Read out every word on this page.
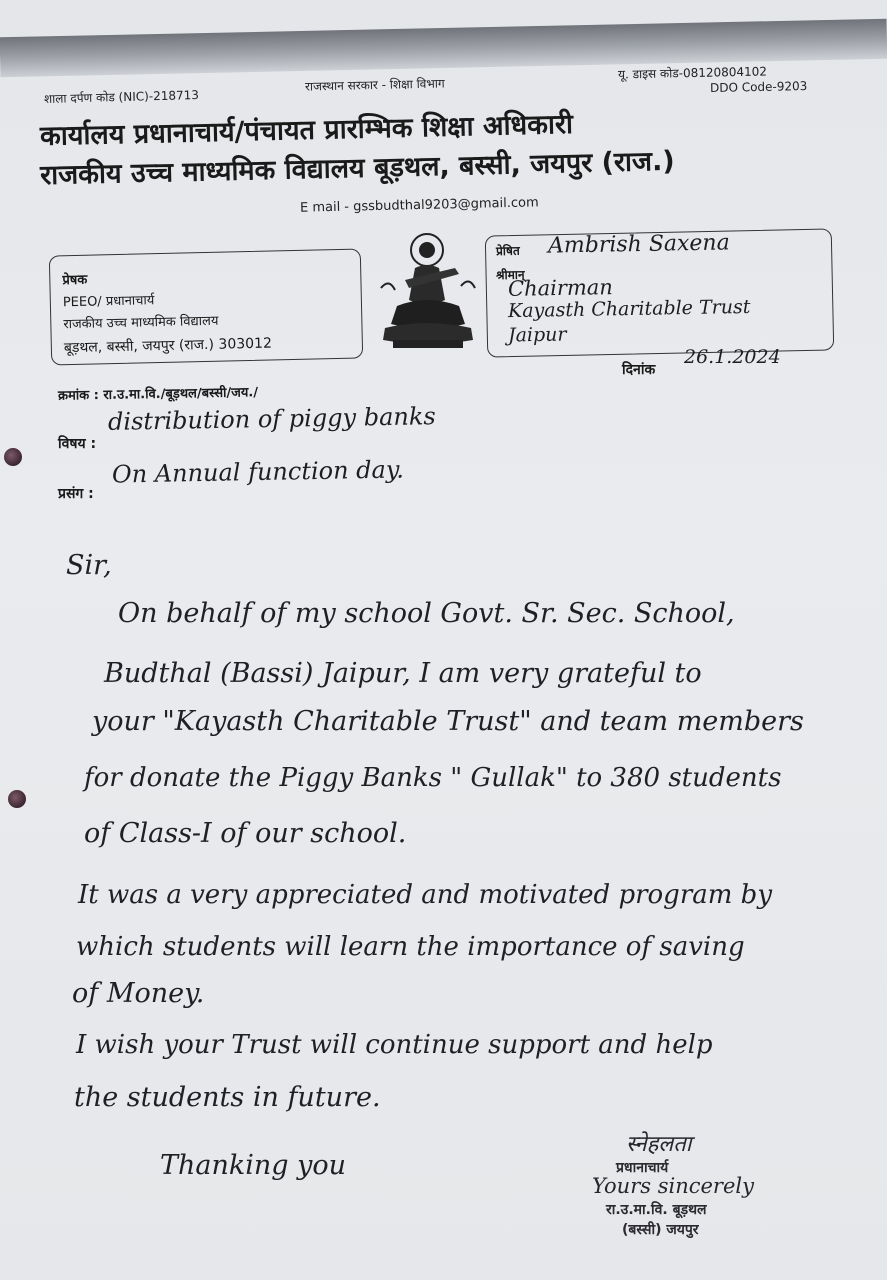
शाला दर्पण कोड (NIC)-218713
राजस्थान सरकार - शिक्षा विभाग
यू. डाइस कोड-08120804102
DDO Code-9203
कार्यालय प्रधानाचार्य/पंचायत प्रारम्भिक शिक्षा अधिकारी
राजकीय उच्च माध्यमिक विद्यालय बूड़थल, बस्सी, जयपुर (राज.)
E mail - gssbudthal9203@gmail.com
प्रेषक
PEEO/ प्रधानाचार्य
राजकीय उच्च माध्यमिक विद्यालय
बूड़थल, बस्सी, जयपुर (राज.) 303012
प्रेषित
श्रीमान्
Ambrish Saxena
Chairman
Kayasth Charitable Trust
Jaipur
दिनांक
26.1.2024
क्रमांक : रा.उ.मा.वि./बूड़थल/बस्सी/जय./
विषय :
distribution of piggy banks
प्रसंग :
On Annual function day.
Sir,
On behalf of my school Govt. Sr. Sec. School,
Budthal (Bassi) Jaipur, I am very grateful to
your "Kayasth Charitable Trust" and team members
for donate the Piggy Banks " Gullak" to 380 students
of Class-I of our school.
It was a very appreciated and motivated program by
which students will learn the importance of saving
of Money.
I wish your Trust will continue support and help
the students in future.
Thanking you
स्नेहलता
प्रधानाचार्य
Yours sincerely
रा.उ.मा.वि. बूड़थल
(बस्सी) जयपुर
